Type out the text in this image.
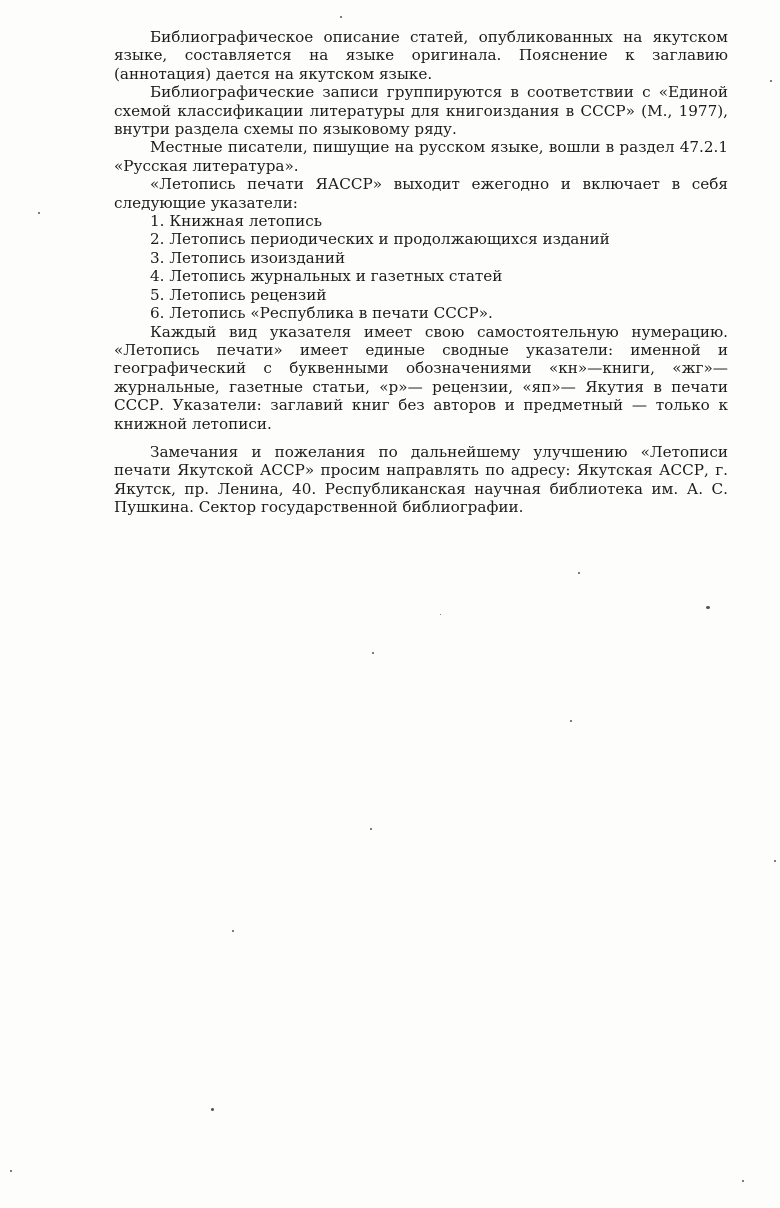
Библиографическое описание статей, опубликованных на якутском языке, составляется на языке оригинала. Пояснение к заглавию (аннотация) дается на якутском языке.

Библиографические записи группируются в соответствии с «Единой схемой классификации литературы для книгоиздания в СССР» (М., 1977), внутри раздела схемы по языковому ряду.

Местные писатели, пишущие на русском языке, вошли в раздел 47.2.1 «Русская литература».

«Летопись печати ЯАССР» выходит ежегодно и включает в себя следующие указатели:

1. Книжная летопись
2. Летопись периодических и продолжающихся изданий
3. Летопись изоизданий
4. Летопись журнальных и газетных статей
5. Летопись рецензий
6. Летопись «Республика в печати СССР».

Каждый вид указателя имеет свою самостоятельную нумерацию. «Летопись печати» имеет единые сводные указатели: именной и географический с буквенными обозначениями «кн»—книги, «жг»— журнальные, газетные статьи, «р»— рецензии, «яп»— Якутия в печати СССР. Указатели: заглавий книг без авторов и предметный — только к книжной летописи.

Замечания и пожелания по дальнейшему улучшению «Летописи печати Якутской АССР» просим направлять по адресу: Якутская АССР, г. Якутск, пр. Ленина, 40. Республиканская научная библиотека им. А. С. Пушкина. Сектор государственной библиографии.
